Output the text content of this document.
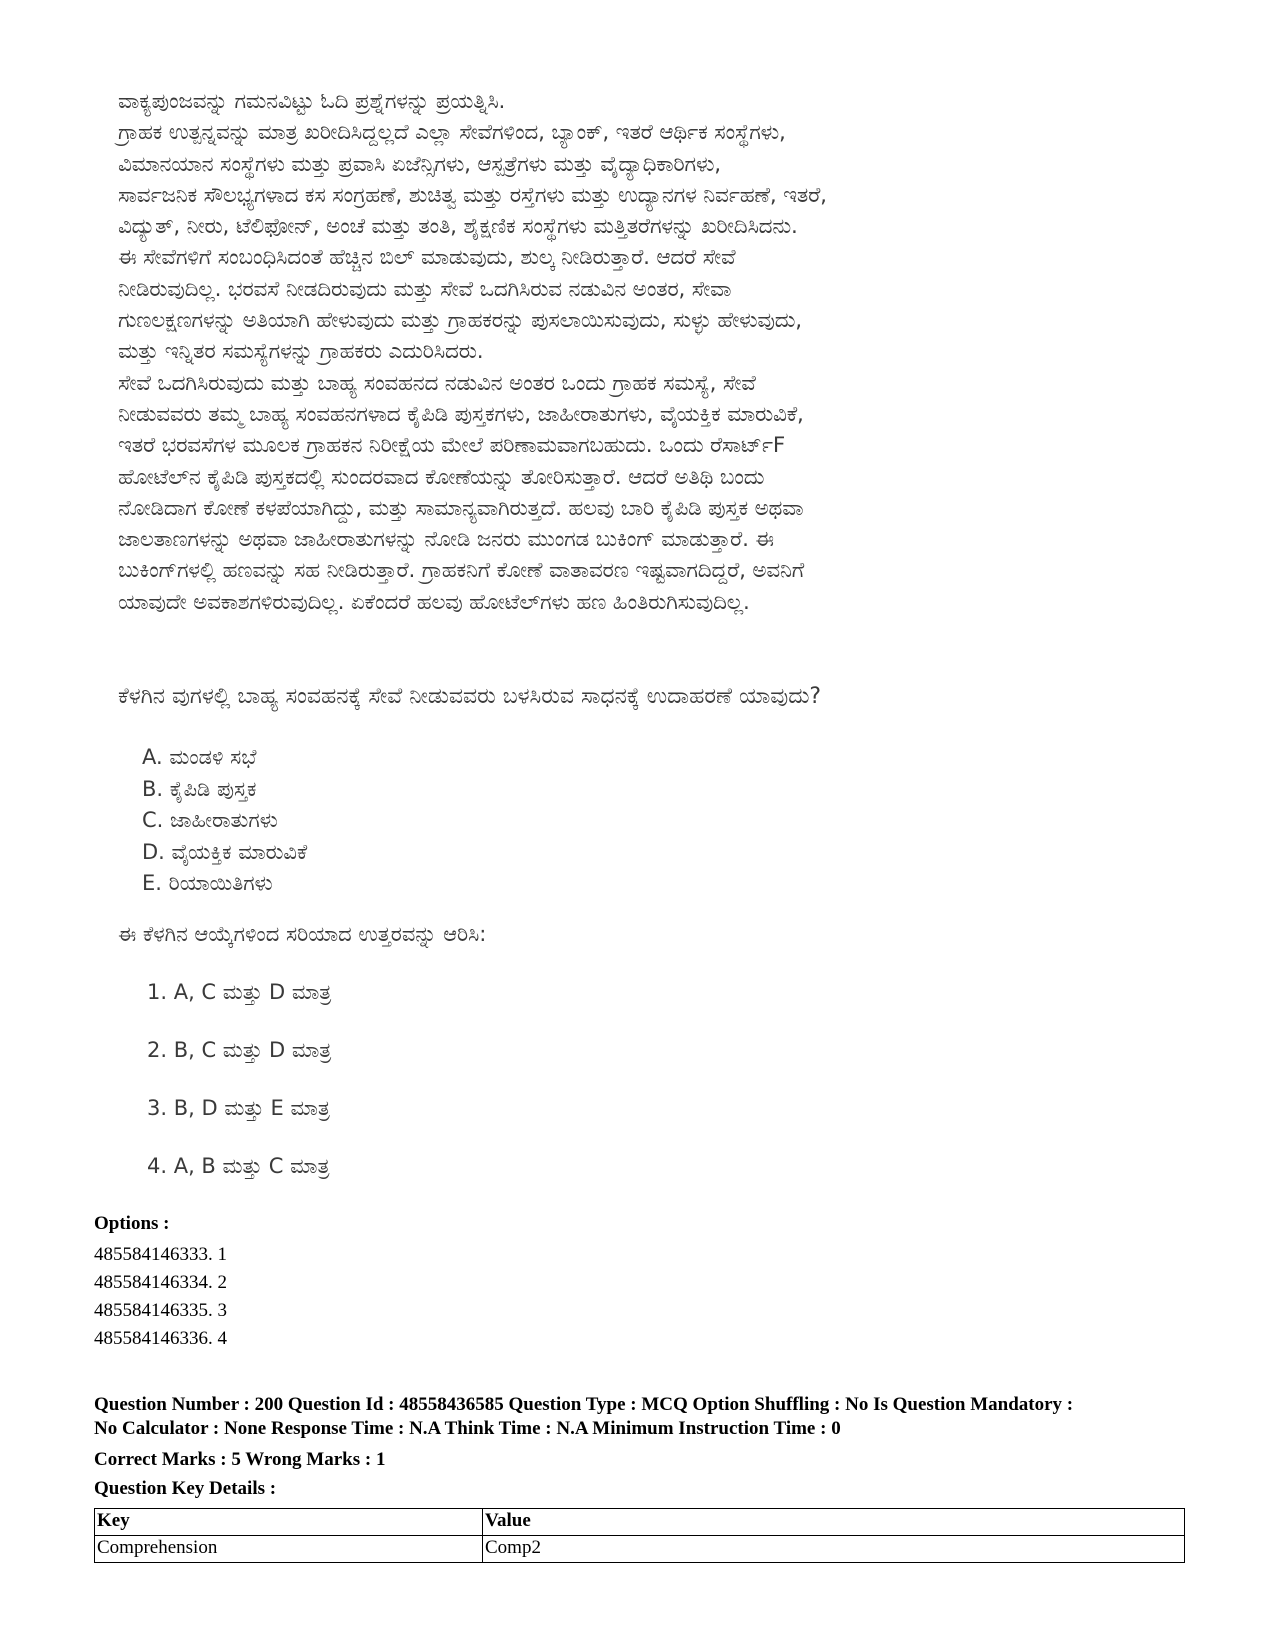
ವಾಕ್ಯಪುಂಜವನ್ನು ಗಮನವಿಟ್ಟು ಓದಿ ಪ್ರಶ್ನೆಗಳನ್ನು ಪ್ರಯತ್ನಿಸಿ.

ಗ್ರಾಹಕ ಉತ್ಪನ್ನವನ್ನು ಮಾತ್ರ ಖರೀದಿಸಿದ್ದಲ್ಲದೆ ಎಲ್ಲಾ ಸೇವೆಗಳಿಂದ, ಬ್ಯಾಂಕ್, ಇತರೆ ಆರ್ಥಿಕ ಸಂಸ್ಥೆಗಳು,

ವಿಮಾನಯಾನ ಸಂಸ್ಥೆಗಳು ಮತ್ತು ಪ್ರವಾಸಿ ಏಜೆನ್ಸಿಗಳು, ಆಸ್ಪತ್ರೆಗಳು ಮತ್ತು ವೈದ್ಯಾಧಿಕಾರಿಗಳು,

ಸಾರ್ವಜನಿಕ ಸೌಲಭ್ಯಗಳಾದ ಕಸ ಸಂಗ್ರಹಣೆ, ಶುಚಿತ್ವ ಮತ್ತು ರಸ್ತೆಗಳು ಮತ್ತು ಉದ್ಯಾನಗಳ ನಿರ್ವಹಣೆ, ಇತರೆ,

ವಿದ್ಯುತ್, ನೀರು, ಟೆಲಿಫೋನ್, ಅಂಚೆ ಮತ್ತು ತಂತಿ, ಶೈಕ್ಷಣಿಕ ಸಂಸ್ಥೆಗಳು ಮತ್ತಿತರೆಗಳನ್ನು ಖರೀದಿಸಿದನು.

ಈ ಸೇವೆಗಳಿಗೆ ಸಂಬಂಧಿಸಿದಂತೆ ಹೆಚ್ಚಿನ ಬಿಲ್ ಮಾಡುವುದು, ಶುಲ್ಕ ನೀಡಿರುತ್ತಾರೆ. ಆದರೆ ಸೇವೆ

ನೀಡಿರುವುದಿಲ್ಲ. ಭರವಸೆ ನೀಡದಿರುವುದು ಮತ್ತು ಸೇವೆ ಒದಗಿಸಿರುವ ನಡುವಿನ ಅಂತರ, ಸೇವಾ

ಗುಣಲಕ್ಷಣಗಳನ್ನು ಅತಿಯಾಗಿ ಹೇಳುವುದು ಮತ್ತು ಗ್ರಾಹಕರನ್ನು ಪುಸಲಾಯಿಸುವುದು, ಸುಳ್ಳು ಹೇಳುವುದು,

ಮತ್ತು ಇನ್ನಿತರ ಸಮಸ್ಯೆಗಳನ್ನು ಗ್ರಾಹಕರು ಎದುರಿಸಿದರು.

ಸೇವೆ ಒದಗಿಸಿರುವುದು ಮತ್ತು ಬಾಹ್ಯ ಸಂವಹನದ ನಡುವಿನ ಅಂತರ ಒಂದು ಗ್ರಾಹಕ ಸಮಸ್ಯೆ, ಸೇವೆ

ನೀಡುವವರು ತಮ್ಮ ಬಾಹ್ಯ ಸಂವಹನಗಳಾದ ಕೈಪಿಡಿ ಪುಸ್ತಕಗಳು, ಜಾಹೀರಾತುಗಳು, ವೈಯಕ್ತಿಕ ಮಾರುವಿಕೆ,

ಇತರೆ ಭರವಸೆಗಳ ಮೂಲಕ ಗ್ರಾಹಕನ ನಿರೀಕ್ಷೆಯ ಮೇಲೆ ಪರಿಣಾಮವಾಗಬಹುದು. ಒಂದು ರೆಸಾರ್ಟ್F

ಹೋಟೆಲ್‌ನ ಕೈಪಿಡಿ ಪುಸ್ತಕದಲ್ಲಿ ಸುಂದರವಾದ ಕೋಣೆಯನ್ನು ತೋರಿಸುತ್ತಾರೆ. ಆದರೆ ಅತಿಥಿ ಬಂದು

ನೋಡಿದಾಗ ಕೋಣೆ ಕಳಪೆಯಾಗಿದ್ದು, ಮತ್ತು ಸಾಮಾನ್ಯವಾಗಿರುತ್ತದೆ. ಹಲವು ಬಾರಿ ಕೈಪಿಡಿ ಪುಸ್ತಕ ಅಥವಾ

ಜಾಲತಾಣಗಳನ್ನು ಅಥವಾ ಜಾಹೀರಾತುಗಳನ್ನು ನೋಡಿ ಜನರು ಮುಂಗಡ ಬುಕಿಂಗ್ ಮಾಡುತ್ತಾರೆ. ಈ

ಬುಕಿಂಗ್‌ಗಳಲ್ಲಿ ಹಣವನ್ನು ಸಹ ನೀಡಿರುತ್ತಾರೆ. ಗ್ರಾಹಕನಿಗೆ ಕೋಣೆ ವಾತಾವರಣ ಇಷ್ಟವಾಗದಿದ್ದರೆ, ಅವನಿಗೆ

ಯಾವುದೇ ಅವಕಾಶಗಳಿರುವುದಿಲ್ಲ. ಏಕೆಂದರೆ ಹಲವು ಹೋಟೆಲ್‌ಗಳು ಹಣ ಹಿಂತಿರುಗಿಸುವುದಿಲ್ಲ.

ಕೆಳಗಿನ ವುಗಳಲ್ಲಿ ಬಾಹ್ಯ ಸಂವಹನಕ್ಕೆ ಸೇವೆ ನೀಡುವವರು ಬಳಸಿರುವ ಸಾಧನಕ್ಕೆ ಉದಾಹರಣೆ ಯಾವುದು?
A. ಮಂಡಳಿ ಸಭೆ
B. ಕೈಪಿಡಿ ಪುಸ್ತಕ
C. ಜಾಹೀರಾತುಗಳು
D. ವೈಯಕ್ತಿಕ ಮಾರುವಿಕೆ
E. ರಿಯಾಯಿತಿಗಳು
ಈ ಕೆಳಗಿನ ಆಯ್ಕೆಗಳಿಂದ ಸರಿಯಾದ ಉತ್ತರವನ್ನು ಆರಿಸಿ:
1. A, C ಮತ್ತು D ಮಾತ್ರ
2. B, C ಮತ್ತು D ಮಾತ್ರ
3. B, D ಮತ್ತು E ಮಾತ್ರ
4. A, B ಮತ್ತು C ಮಾತ್ರ
Options :
485584146333. 1
485584146334. 2
485584146335. 3
485584146336. 4
Question Number : 200 Question Id : 48558436585 Question Type : MCQ Option Shuffling : No Is Question Mandatory :
No Calculator : None Response Time : N.A Think Time : N.A Minimum Instruction Time : 0
Correct Marks : 5 Wrong Marks : 1
Question Key Details :
Key	Value
Comprehension	Comp2
